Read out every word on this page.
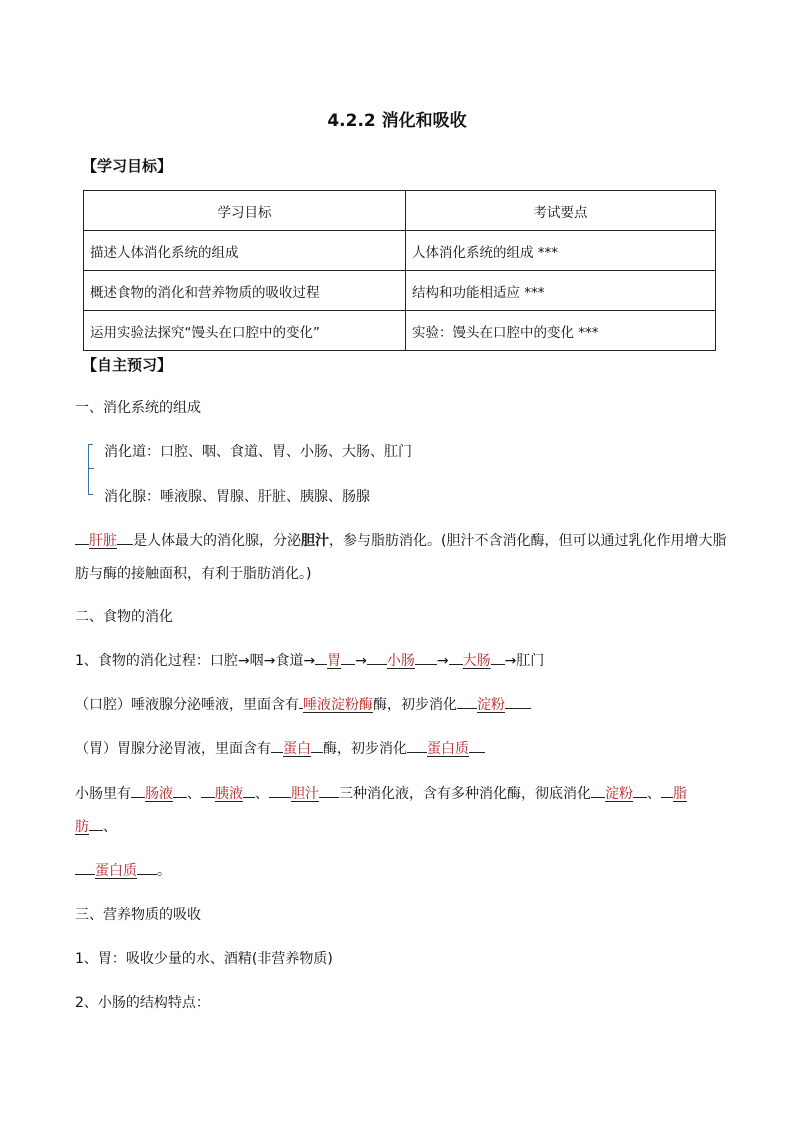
4.2.2 消化和吸收
【学习目标】
学习目标	考试要点
描述人体消化系统的组成	人体消化系统的组成 ***
概述食物的消化和营养物质的吸收过程	结构和功能相适应 ***
运用实验法探究“馒头在口腔中的变化”	实验：馒头在口腔中的变化 ***
【自主预习】
一、消化系统的组成
消化道：口腔、咽、食道、胃、小肠、大肠、肛门
消化腺：唾液腺、胃腺、肝脏、胰腺、肠腺
肝脏 是人体最大的消化腺，分泌胆汁，参与脂肪消化。(胆汁不含消化酶，但可以通过乳化作用增大脂
肪与酶的接触面积，有利于脂肪消化。)
二、食物的消化
1、食物的消化过程：口腔→咽→食道→ 胃 → 小肠 → 大肠 →肛门
（口腔）唾液腺分泌唾液，里面含有 唾液淀粉酶酶，初步消化 淀粉
（胃）胃腺分泌胃液，里面含有 蛋白 酶，初步消化 蛋白质
小肠里有 肠液 、 胰液 、 胆汁 三种消化液，含有多种消化酶，彻底消化 淀粉 、 脂
肪 、
蛋白质 。
三、营养物质的吸收
1、胃：吸收少量的水、酒精(非营养物质)
2、小肠的结构特点：
